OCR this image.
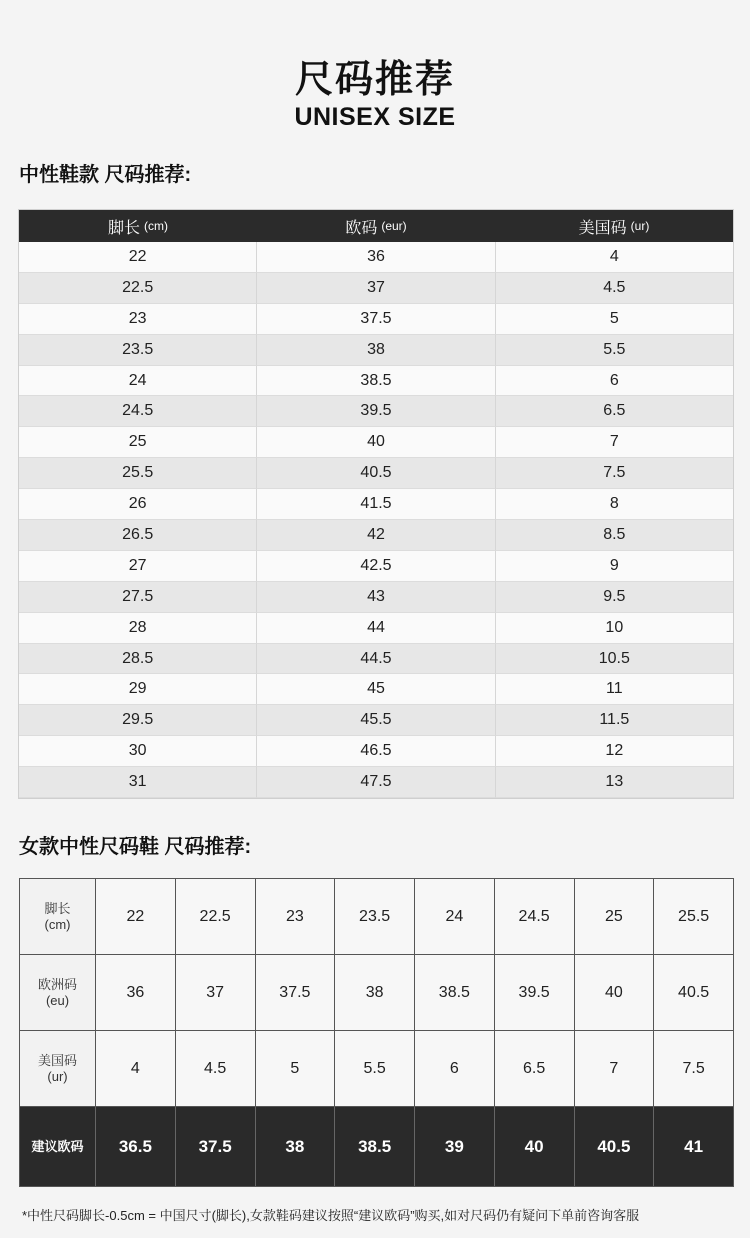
尺码推荐
UNISEX SIZE
中性鞋款 尺码推荐:
脚长 (cm)	欧码 (eur)	美国码 (ur)
22	36	4
22.5	37	4.5
23	37.5	5
23.5	38	5.5
24	38.5	6
24.5	39.5	6.5
25	40	7
25.5	40.5	7.5
26	41.5	8
26.5	42	8.5
27	42.5	9
27.5	43	9.5
28	44	10
28.5	44.5	10.5
29	45	11
29.5	45.5	11.5
30	46.5	12
31	47.5	13
女款中性尺码鞋 尺码推荐:
脚长
(cm)	22	22.5	23	23.5	24	24.5	25	25.5
欧洲码
(eu)	36	37	37.5	38	38.5	39.5	40	40.5
美国码
(ur)	4	4.5	5	5.5	6	6.5	7	7.5
建议欧码	36.5	37.5	38	38.5	39	40	40.5	41
*中性尺码脚长-0.5cm = 中国尺寸(脚长),女款鞋码建议按照“建议欧码”购买,如对尺码仍有疑问下单前咨询客服
